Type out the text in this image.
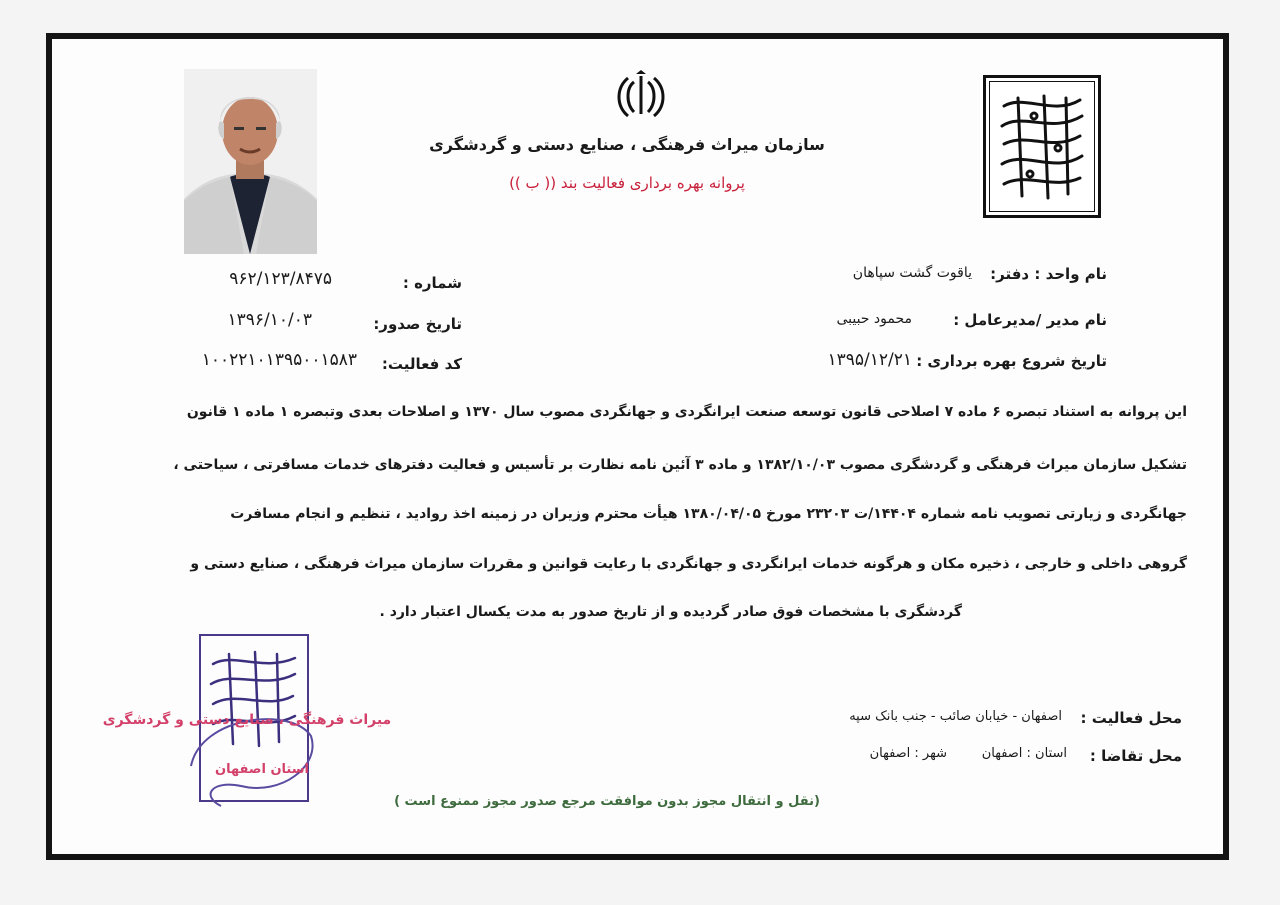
سازمان میراث فرهنگی ، صنایع دستی و گردشگری
پروانه بهره برداری فعالیت بند (( ب ))
نام واحد : دفتر:
یاقوت گشت سپاهان
نام مدیر /مدیرعامل :
محمود حبیبی
تاریخ شروع بهره برداری :
۱۳۹۵/۱۲/۲۱
شماره :
۹۶۲/۱۲۳/۸۴۷۵
تاریخ صدور:
۱۳۹۶/۱۰/۰۳
کد فعالیت:
۱۰۰۲۲۱۰۱۳۹۵۰۰۱۵۸۳
این پروانه به استناد تبصره ۶ ماده ۷ اصلاحی قانون توسعه صنعت ایرانگردی و جهانگردی مصوب سال ۱۳۷۰ و اصلاحات بعدی وتبصره ۱ ماده ۱ قانون
تشکیل سازمان میراث فرهنگی و گردشگری مصوب ۱۳۸۲/۱۰/۰۳ و ماده ۳ آئین نامه نظارت بر تأسیس و فعالیت دفترهای خدمات مسافرتی ، سیاحتی ،
جهانگردی و زیارتی تصویب نامه شماره ۱۴۴۰۴/ت ۲۳۲۰۳ مورخ ۱۳۸۰/۰۴/۰۵ هیأت محترم وزیران در زمینه اخذ روادید ، تنظیم و انجام مسافرت
گروهی داخلی و خارجی ، ذخیره مکان و هرگونه خدمات ایرانگردی و جهانگردی با رعایت قوانین و مقررات سازمان میراث فرهنگی ، صنایع دستی و
گردشگری با مشخصات فوق صادر گردیده و از تاریخ صدور به مدت یکسال اعتبار دارد .
محل فعالیت :
اصفهان - خیابان صائب - جنب بانک سپه
محل تقاضا :
استان : اصفهان
شهر : اصفهان
(نقل و انتقال مجوز بدون موافقت مرجع صدور مجوز ممنوع است )
میراث فرهنگی ، صنایع دستی و گردشگری
استان اصفهان
